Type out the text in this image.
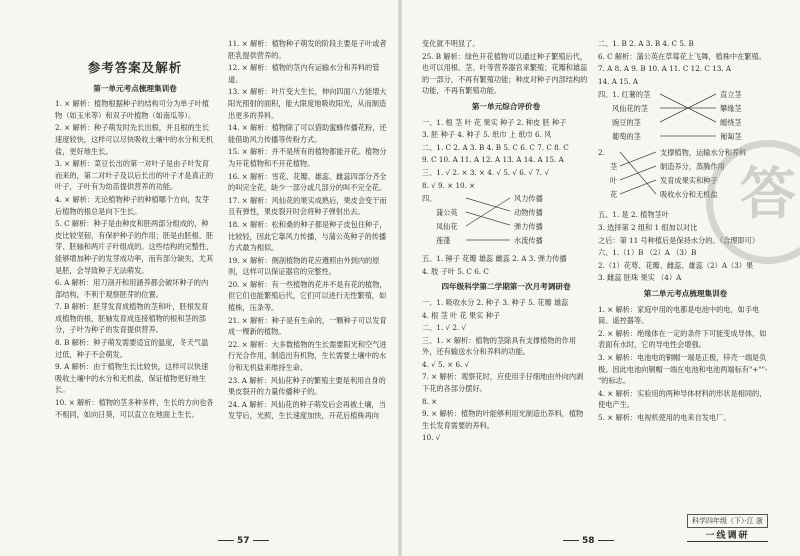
参考答案及解析
第一单元考点梳理集训卷

1. × 解析：植物根据种子的结构可分为单子叶植物（如玉米等）和双子叶植物（如南瓜等）。

2. × 解析：种子萌发时先长出根，并且根的生长速度较快，这样可以尽快吸收土壤中的水分和无机盐，更好地生长。

3. × 解析：菜豆长出的第一对叶子是由子叶发育而来的，第二对叶子及以后长出的叶子才是真正的叶子，子叶有为幼苗提供营养的功能。

4. × 解析：无论植物种子的种植哪个方向，发芽后植物的根总是向下生长。

5. C 解析：种子是由种皮和胚两部分组成的，种皮比较坚韧，有保护种子的作用；胚是由胚根、胚芽、胚轴和两片子叶组成的。这些结构的完整性，能够增加种子的发芽成功率，而有部分缺失，尤其是胚，会导致种子无法萌发。

6. A 解析：用刀剖开和用涵养都会破坏种子的内部结构，不利于观察胚芽的位置。

7. B 解析：胚芽发育成植物的茎和叶，胚根发育成植物的根，胚轴发育成连接植物的根和茎的部分，子叶为种子的发育提供营养。

8. B 解析：种子萌发需要适宜的温度，冬天气温过低，种子不会萌发。

9. A 解析：由于植物生长比较快，这样可以快速吸收土壤中的水分和无机盐，保证植物更好地生长。

10. × 解析：植物的茎多种多样，生长的方向也各不相同，如向日葵，可以直立在地面上生长。

11. × 解析：植物种子萌发的阶段主要是子叶或者胚乳提供营养的。

12. × 解析：植物的茎内有运输水分和养料的管道。

13. × 解析：叶片变大生长，伸向四面八方能增大阳光照射的面积，能大限度地吸收阳光，从而制造出更多的养料。

14. × 解析：植物除了可以借助蜜蜂传播花粉，还能借助风力传播等传粉方式。

15. × 解析：并不是所有的植物都能开花。植物分为开花植物和不开花植物。

16. × 解析：雪花、花瓣、雄蕊、雌蕊四部分齐全的叫完全花，缺少一部分或几部分的叫不完全花。

17. × 解析：风仙花的果实成熟后，果皮会变干而且有弹性，果皮裂开时会将种子弹射出去。

18. × 解析：松和桑的种子都是种子皮包住种子，比较轻，因此它靠风力传播，与蒲公英种子的传播方式最为相似。

19. × 解析：侧剖植物的花应遵照由外到内的原则，这样可以保证器官的完整性。

20. × 解析：有一些植物的花并不是有花的植物，但它们也能繁殖后代，它们可以进行无性繁殖，如植株，压条等。

21. × 解析：种子是有生命的，一颗种子可以发育成一棵新的植物。

22. × 解析：大多数植物的生长需要阳光和空气进行光合作用，制造出有机物，生长需要土壤中的水分和无机盐来维持生命。

23. A 解析：风仙花种子的繁殖主要是利用自身的果皮裂开的力量传播种子的。

24. A 解析：风仙花的种子萌发后会再被土壤，当发芽后，光照，生长速度加快，开花后植株再向

57

变化就不明显了。

25. B 解析：绿色开花植物可以通过种子繁殖后代，也可以用根、茎、叶等营养器官来繁殖；花瓣和雄蕊的一部分，不再有繁殖功能；种皮对种子内部结构的功能，不再有繁殖功能。

第一单元综合评价卷

一、1. 根 茎 叶 花 果实 种子 2. 种皮 胚 种子

3. 胚 种子 4. 种子 5. 纸巾 上 纸巾 6. 风

二、1. C 2. A 3. B 4. B 5. C 6. C 7. C 8. C

9. C 10. A 11. A 12. A 13. A 14. A 15. A

三、1. √ 2. × 3. × 4. √ 5. √ 6. √ 7. √

8. √ 9. × 10. ×

四、
蒲公英
凤仙花
莲蓬
风力传播
动物传播
弹力传播
水流传播

五、1. 锤子 花瓣 雄蕊 雌蕊 2. A 3. 弹力传播

4. 肢 子叶 5. C 6. C

四年级科学第二学期第一次月考调研卷

一、1. 吸收水分 2. 种子 3. 种子 5. 花瓣 雄蕊

4. 根 茎 叶 花 果实 种子

二、1. √ 2. √

三、1. × 解析：植物的茎除具有支撑植物的作用外，还有输送水分和养料的功能。

4. √ 5. × 6. √

7. × 解析：观察花时，应使用手仔细地由外向内剥下花的各部分摆好。

8. ×

9. × 解析：植物的叶能够利用光制造出养料，植物生长发育需要的养料。

10. √

二、1. B 2. A 3. B 4. C 5. B

6. C 解析：蒲公英在草莓花上飞舞，植株中在繁殖。

7. A 8. A 9. B 10. A 11. C 12. C 13. A

14. A 15. A

四、1. 红薯的茎
风仙花的茎
豌豆的茎
葡萄的茎
直立茎
攀缘茎
缠绕茎
匍匐茎
2.
茎
叶
花
支撑植物，运输水分和养料
制造养分，蒸腾作用
发育成果实和种子
吸收水分和无机盐

五、1. 是 2. 植物茎叶

3. 选择第 2 组和 1 组加以对比

之后：第 11 号种植后是保持水分的。（合理即可）

六、1.（1）B （2）A （3）B

2.（1）花萼、花瓣、雌蕊、雄蕊（2）A（3）果

3. 雌蕊 胚珠 果实 （4）A

第二单元考点梳理集训卷

1. × 解析：家庭中用的电都是电池中的电，如手电筒、遥控器等。

2. × 解析：绝缘体在一定的条件下可能变成导体，如表面有水时，它的导电性会增强。

3. × 解析：电池电的铜帽一端是正极，锌壳一端是负极。因此电池向铜帽一端在电池和电池两端标有"+""-"的标志。

4. × 解析：实验用的两种导体材料的形状是相同的，使电产生。

5. × 解析：电视机使用的电来自发电厂。

答
58
科学四年级（下）·江 浙
一线调研
